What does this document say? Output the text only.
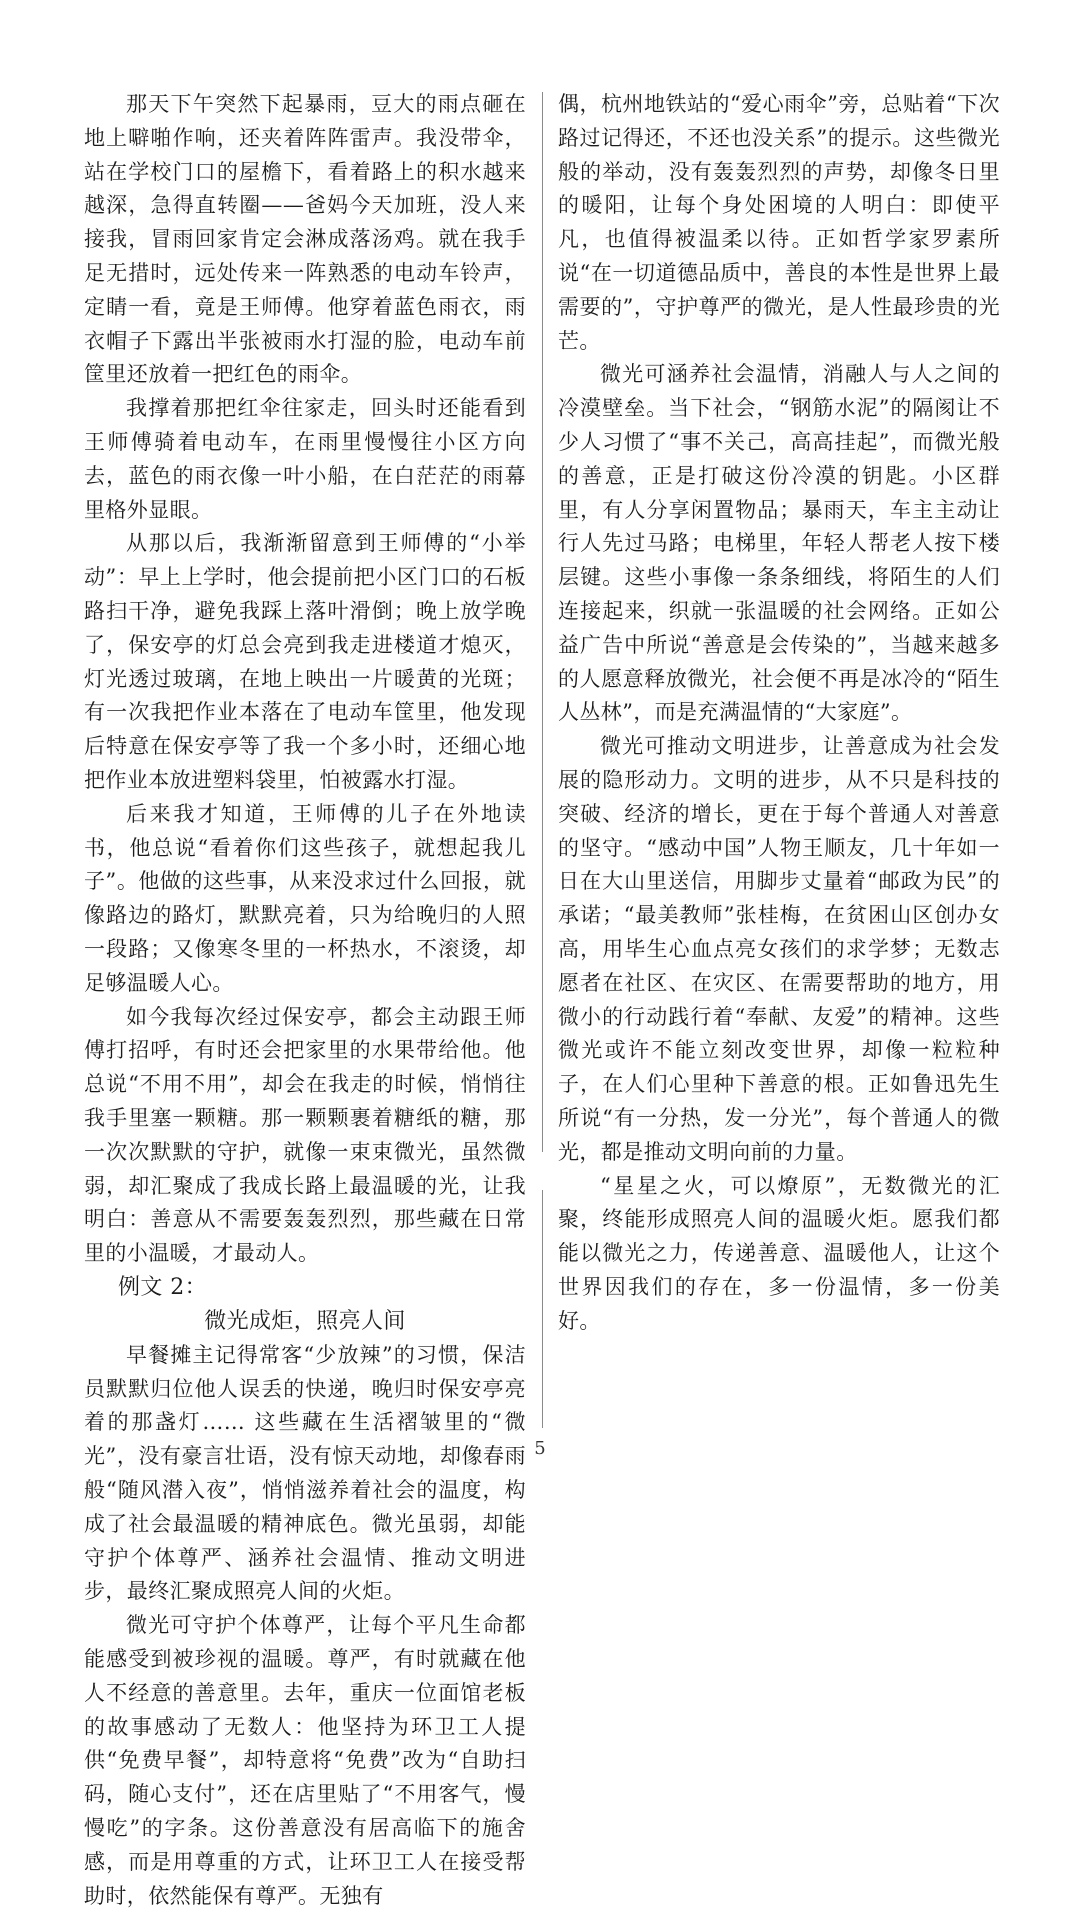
那天下午突然下起暴雨，豆大的雨点砸在地上噼啪作响，还夹着阵阵雷声。我没带伞，站在学校门口的屋檐下，看着路上的积水越来越深，急得直转圈——爸妈今天加班，没人来接我，冒雨回家肯定会淋成落汤鸡。就在我手足无措时，远处传来一阵熟悉的电动车铃声，定睛一看，竟是王师傅。他穿着蓝色雨衣，雨衣帽子下露出半张被雨水打湿的脸，电动车前筐里还放着一把红色的雨伞。

我撑着那把红伞往家走，回头时还能看到王师傅骑着电动车，在雨里慢慢往小区方向去，蓝色的雨衣像一叶小船，在白茫茫的雨幕里格外显眼。

从那以后，我渐渐留意到王师傅的“小举动”：早上上学时，他会提前把小区门口的石板路扫干净，避免我踩上落叶滑倒；晚上放学晚了，保安亭的灯总会亮到我走进楼道才熄灭，灯光透过玻璃，在地上映出一片暖黄的光斑；有一次我把作业本落在了电动车筐里，他发现后特意在保安亭等了我一个多小时，还细心地把作业本放进塑料袋里，怕被露水打湿。

后来我才知道，王师傅的儿子在外地读书，他总说“看着你们这些孩子，就想起我儿子”。他做的这些事，从来没求过什么回报，就像路边的路灯，默默亮着，只为给晚归的人照一段路；又像寒冬里的一杯热水，不滚烫，却足够温暖人心。

如今我每次经过保安亭，都会主动跟王师傅打招呼，有时还会把家里的水果带给他。他总说“不用不用”，却会在我走的时候，悄悄往我手里塞一颗糖。那一颗颗裹着糖纸的糖，那一次次默默的守护，就像一束束微光，虽然微弱，却汇聚成了我成长路上最温暖的光，让我明白：善意从不需要轰轰烈烈，那些藏在日常里的小温暖，才最动人。

例文 2：
微光成炬，照亮人间

早餐摊主记得常客“少放辣”的习惯，保洁员默默归位他人误丢的快递，晚归时保安亭亮着的那盏灯…… 这些藏在生活褶皱里的“微光”，没有豪言壮语，没有惊天动地，却像春雨般“随风潜入夜”，悄悄滋养着社会的温度，构成了社会最温暖的精神底色。微光虽弱，却能守护个体尊严、涵养社会温情、推动文明进步，最终汇聚成照亮人间的火炬。

微光可守护个体尊严，让每个平凡生命都能感受到被珍视的温暖。尊严，有时就藏在他人不经意的善意里。去年，重庆一位面馆老板的故事感动了无数人：他坚持为环卫工人提供“免费早餐”，却特意将“免费”改为“自助扫码，随心支付”，还在店里贴了“不用客气，慢慢吃”的字条。这份善意没有居高临下的施舍感，而是用尊重的方式，让环卫工人在接受帮助时，依然能保有尊严。无独有

偶，杭州地铁站的“爱心雨伞”旁，总贴着“下次路过记得还，不还也没关系”的提示。这些微光般的举动，没有轰轰烈烈的声势，却像冬日里的暖阳，让每个身处困境的人明白：即使平凡，也值得被温柔以待。正如哲学家罗素所说“在一切道德品质中，善良的本性是世界上最需要的”，守护尊严的微光，是人性最珍贵的光芒。

微光可涵养社会温情，消融人与人之间的冷漠壁垒。当下社会，“钢筋水泥”的隔阂让不少人习惯了“事不关己，高高挂起”，而微光般的善意，正是打破这份冷漠的钥匙。小区群里，有人分享闲置物品；暴雨天，车主主动让行人先过马路；电梯里，年轻人帮老人按下楼层键。这些小事像一条条细线，将陌生的人们连接起来，织就一张温暖的社会网络。正如公益广告中所说“善意是会传染的”，当越来越多的人愿意释放微光，社会便不再是冰冷的“陌生人丛林”，而是充满温情的“大家庭”。

微光可推动文明进步，让善意成为社会发展的隐形动力。文明的进步，从不只是科技的突破、经济的增长，更在于每个普通人对善意的坚守。“感动中国”人物王顺友，几十年如一日在大山里送信，用脚步丈量着“邮政为民”的承诺；“最美教师”张桂梅，在贫困山区创办女高，用毕生心血点亮女孩们的求学梦；无数志愿者在社区、在灾区、在需要帮助的地方，用微小的行动践行着“奉献、友爱”的精神。这些微光或许不能立刻改变世界，却像一粒粒种子，在人们心里种下善意的根。正如鲁迅先生所说“有一分热，发一分光”，每个普通人的微光，都是推动文明向前的力量。

“星星之火，可以燎原”，无数微光的汇聚，终能形成照亮人间的温暖火炬。愿我们都能以微光之力，传递善意、温暖他人，让这个世界因我们的存在，多一份温情，多一份美好。

5
